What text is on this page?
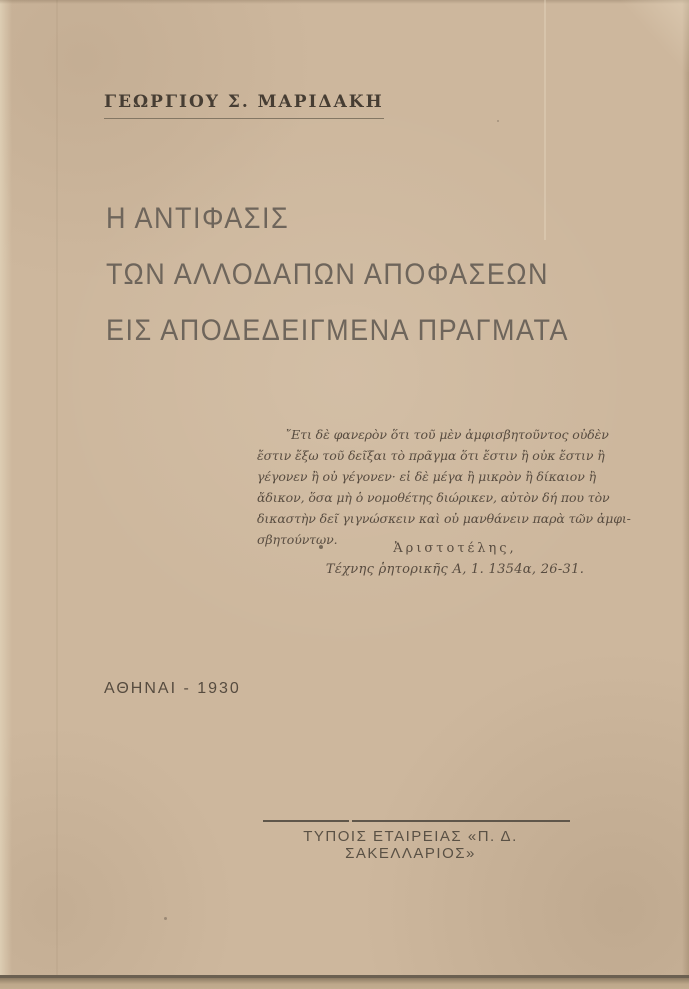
ΓΕΩΡΓΙΟΥ Σ. ΜΑΡΙΔΑΚΗ
Η ΑΝΤΙΦΑΣΙΣ
ΤΩΝ ΑΛΛΟΔΑΠΩΝ ΑΠΟΦΑΣΕΩΝ
ΕΙΣ ΑΠΟΔΕΔΕΙΓΜΕΝΑ ΠΡΑΓΜΑΤΑ
῎Ετι δὲ φανερὸν ὅτι τοῦ μὲν ἀμφισβητοῦντος οὐδὲν
ἔστιν ἔξω τοῦ δεῖξαι τὸ πρᾶγμα ὅτι ἔστιν ἢ οὐκ ἔστιν ἢ
γέγονεν ἢ οὐ γέγονεν· εἰ δὲ μέγα ἢ μικρὸν ἢ δίκαιον ἢ
ἄδικον, ὅσα μὴ ὁ νομοθέτης διώρικεν, αὐτὸν δή που τὸν
δικαστὴν δεῖ γιγνώσκειν καὶ οὐ μανθάνειν παρὰ τῶν ἀμφι-
σβητούντων.
Ἀριστοτέλης,
Τέχνης ῥητορικῆς Α, 1. 1354α, 26-31.
ΑΘΗΝΑΙ - 1930
ΤΥΠΟΙΣ ΕΤΑΙΡΕΙΑΣ «Π. Δ. ΣΑΚΕΛΛΑΡΙΟΣ»
